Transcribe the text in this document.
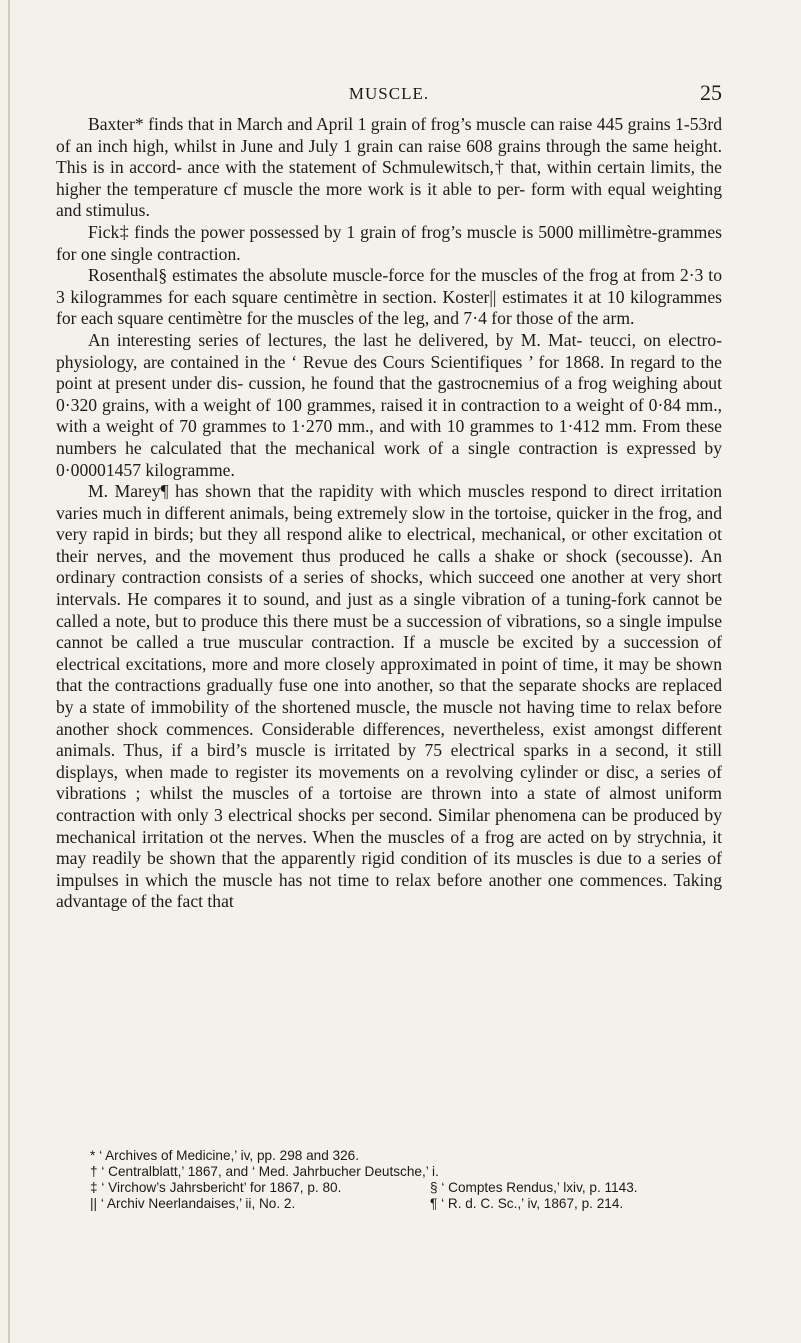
MUSCLE.	25

Baxter* finds that in March and April 1 grain of frog’s muscle can raise 445 grains 1-53rd of an inch high, whilst in June and July 1 grain can raise 608 grains through the same height. This is in accord- ance with the statement of Schmulewitsch,† that, within certain limits, the higher the temperature cf muscle the more work is it able to per- form with equal weighting and stimulus.

Fick‡ finds the power possessed by 1 grain of frog’s muscle is 5000 millimètre-grammes for one single contraction.

Rosenthal§ estimates the absolute muscle-force for the muscles of the frog at from 2·3 to 3 kilogrammes for each square centimètre in section. Koster|| estimates it at 10 kilogrammes for each square centimètre for the muscles of the leg, and 7·4 for those of the arm.

An interesting series of lectures, the last he delivered, by M. Mat- teucci, on electro-physiology, are contained in the ‘ Revue des Cours Scientifiques ’ for 1868. In regard to the point at present under dis- cussion, he found that the gastrocnemius of a frog weighing about 0·320 grains, with a weight of 100 grammes, raised it in contraction to a weight of 0·84 mm., with a weight of 70 grammes to 1·270 mm., and with 10 grammes to 1·412 mm. From these numbers he calculated that the mechanical work of a single contraction is expressed by 0·00001457 kilogramme.

M. Marey¶ has shown that the rapidity with which muscles respond to direct irritation varies much in different animals, being extremely slow in the tortoise, quicker in the frog, and very rapid in birds; but they all respond alike to electrical, mechanical, or other excitation ot their nerves, and the movement thus produced he calls a shake or shock (secousse). An ordinary contraction consists of a series of shocks, which succeed one another at very short intervals. He compares it to sound, and just as a single vibration of a tuning-fork cannot be called a note, but to produce this there must be a succession of vibrations, so a single impulse cannot be called a true muscular contraction. If a muscle be excited by a succession of electrical excitations, more and more closely approximated in point of time, it may be shown that the contractions gradually fuse one into another, so that the separate shocks are replaced by a state of immobility of the shortened muscle, the muscle not having time to relax before another shock commences. Considerable differences, nevertheless, exist amongst different animals. Thus, if a bird’s muscle is irritated by 75 electrical sparks in a second, it still displays, when made to register its movements on a revolving cylinder or disc, a series of vibrations ; whilst the muscles of a tortoise are thrown into a state of almost uniform contraction with only 3 electrical shocks per second. Similar phenomena can be produced by mechanical irritation ot the nerves. When the muscles of a frog are acted on by strychnia, it may readily be shown that the apparently rigid condition of its muscles is due to a series of impulses in which the muscle has not time to relax before another one commences. Taking advantage of the fact that

* ‘ Archives of Medicine,’ iv, pp. 298 and 326.

† ‘ Centralblatt,’ 1867, and ‘ Med. Jahrbucher Deutsche,’ i.

‡ ‘ Virchow’s Jahrsbericht’ for 1867, p. 80.	§ ‘ Comptes Rendus,’ lxiv, p. 1143.

|| ‘ Archiv Neerlandaises,’ ii, No. 2.	¶ ‘ R. d. C. Sc.,’ iv, 1867, p. 214.
